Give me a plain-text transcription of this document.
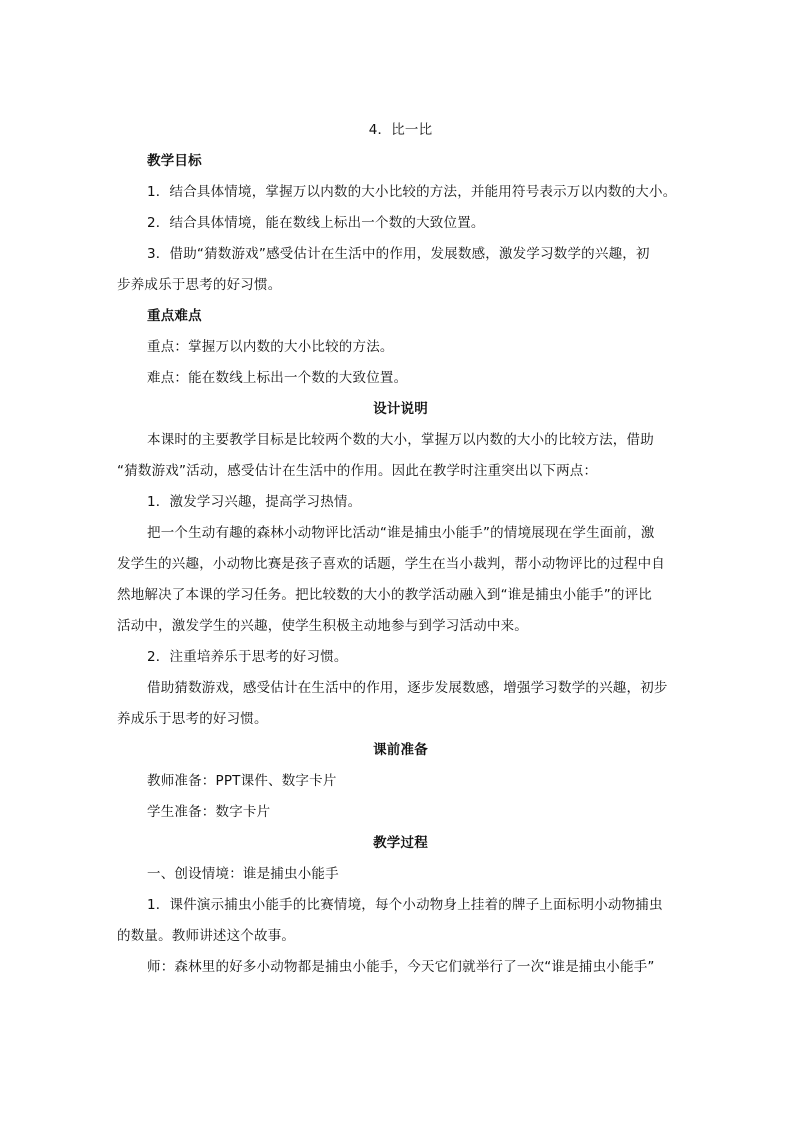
4．比一比
教学目标
1．结合具体情境，掌握万以内数的大小比较的方法，并能用符号表示万以内数的大小。
2．结合具体情境，能在数线上标出一个数的大致位置。
3．借助“猜数游戏”感受估计在生活中的作用，发展数感，激发学习数学的兴趣，初
步养成乐于思考的好习惯。
重点难点
重点：掌握万以内数的大小比较的方法。
难点：能在数线上标出一个数的大致位置。
设计说明
本课时的主要教学目标是比较两个数的大小，掌握万以内数的大小的比较方法，借助
“猜数游戏”活动，感受估计在生活中的作用。因此在教学时注重突出以下两点：
1．激发学习兴趣，提高学习热情。
把一个生动有趣的森林小动物评比活动“谁是捕虫小能手”的情境展现在学生面前，激
发学生的兴趣，小动物比赛是孩子喜欢的话题，学生在当小裁判，帮小动物评比的过程中自
然地解决了本课的学习任务。把比较数的大小的教学活动融入到“谁是捕虫小能手”的评比
活动中，激发学生的兴趣，使学生积极主动地参与到学习活动中来。
2．注重培养乐于思考的好习惯。
借助猜数游戏，感受估计在生活中的作用，逐步发展数感，增强学习数学的兴趣，初步
养成乐于思考的好习惯。
课前准备
教师准备：PPT课件、数字卡片
学生准备：数字卡片
教学过程
一、创设情境：谁是捕虫小能手
1．课件演示捕虫小能手的比赛情境，每个小动物身上挂着的牌子上面标明小动物捕虫
的数量。教师讲述这个故事。
师：森林里的好多小动物都是捕虫小能手，今天它们就举行了一次“谁是捕虫小能手”
